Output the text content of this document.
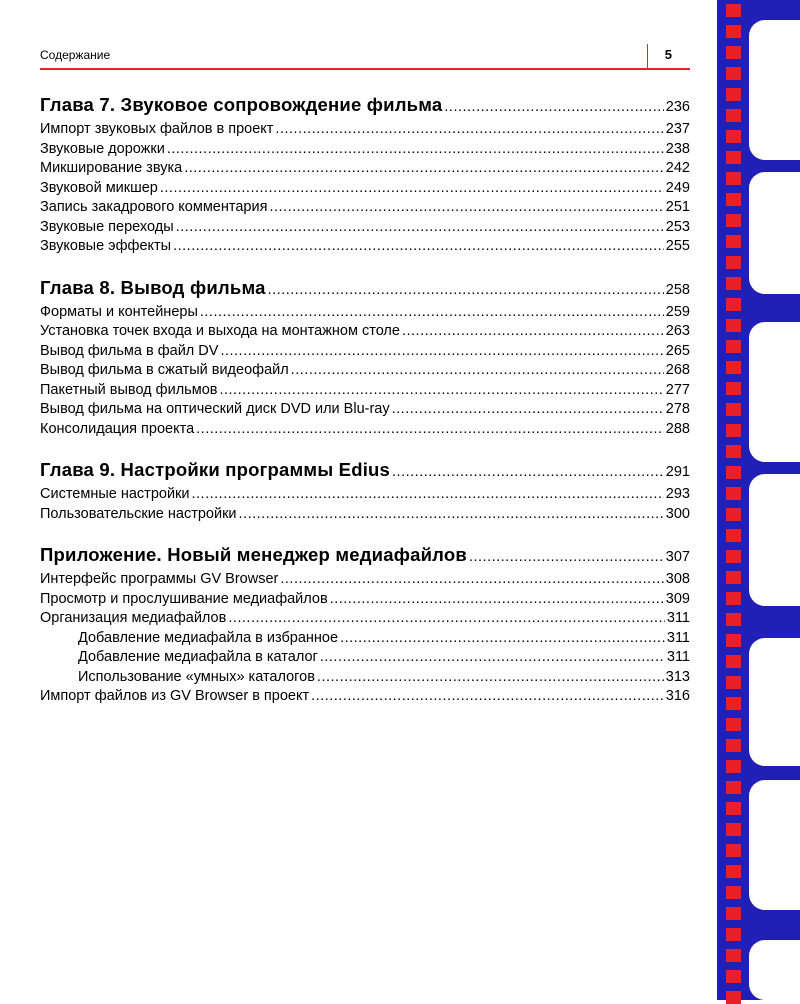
Содержание	5
Глава 7. Звуковое сопровождение фильма .....	236
Импорт звуковых файлов в проект .....	237
Звуковые дорожки .....	238
Микширование звука .....	242
Звуковой микшер .....	249
Запись закадрового комментария .....	251
Звуковые переходы .....	253
Звуковые эффекты .....	255
Глава 8. Вывод фильма .....	258
Форматы и контейнеры .....	259
Установка точек входа и выхода на монтажном столе .....	263
Вывод фильма в файл DV .....	265
Вывод фильма в сжатый видеофайл .....	268
Пакетный вывод фильмов .....	277
Вывод фильма на оптический диск DVD или Blu-ray .....	278
Консолидация проекта .....	288
Глава 9. Настройки программы Edius .....	291
Системные настройки .....	293
Пользовательские настройки .....	300
Приложение. Новый менеджер медиафайлов .....	307
Интерфейс программы GV Browser .....	308
Просмотр и прослушивание медиафайлов .....	309
Организация медиафайлов .....	311
Добавление медиафайла в избранное .....	311
Добавление медиафайла в каталог .....	311
Использование «умных» каталогов .....	313
Импорт файлов из GV Browser в проект .....	316
